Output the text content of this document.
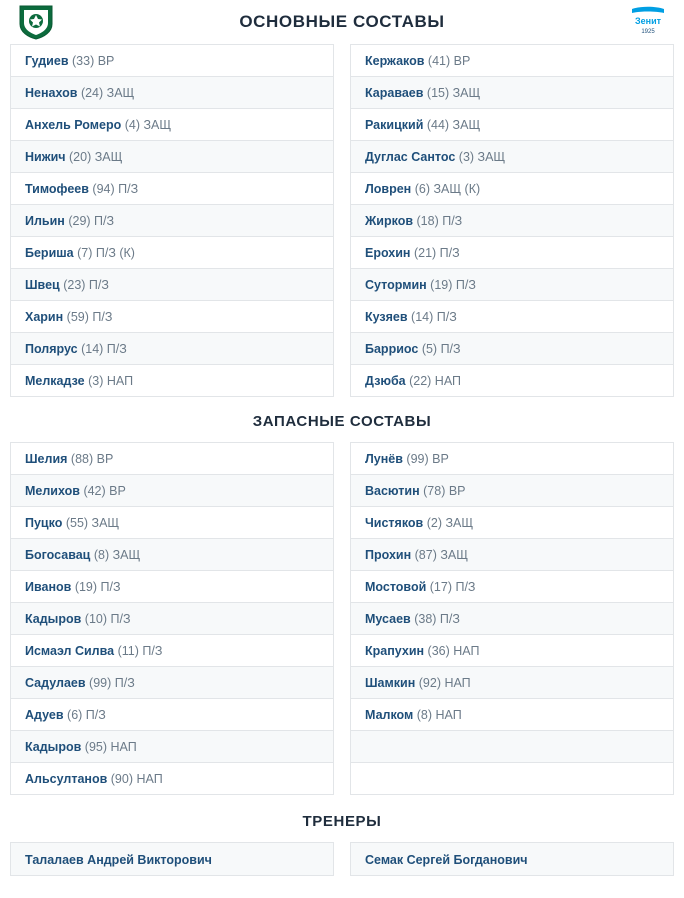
ОСНОВНЫЕ СОСТАВЫ	Зенит
1925
Гудиев (33) ВР
Ненахов (24) ЗАЩ
Анхель Ромеро (4) ЗАЩ
Нижич (20) ЗАЩ
Тимофеев (94) П/З
Ильин (29) П/З
Бериша (7) П/З (К)
Швец (23) П/З
Харин (59) П/З
Полярус (14) П/З
Мелкадзе (3) НАП
Кержаков (41) ВР
Караваев (15) ЗАЩ
Ракицкий (44) ЗАЩ
Дуглас Сантос (3) ЗАЩ
Ловрен (6) ЗАЩ (К)
Жирков (18) П/З
Ерохин (21) П/З
Сутормин (19) П/З
Кузяев (14) П/З
Барриос (5) П/З
Дзюба (22) НАП
ЗАПАСНЫЕ СОСТАВЫ
Шелия (88) ВР
Мелихов (42) ВР
Пуцко (55) ЗАЩ
Богосавац (8) ЗАЩ
Иванов (19) П/З
Кадыров (10) П/З
Исмаэл Силва (11) П/З
Садулаев (99) П/З
Адуев (6) П/З
Кадыров (95) НАП
Альсултанов (90) НАП
Лунёв (99) ВР
Васютин (78) ВР
Чистяков (2) ЗАЩ
Прохин (87) ЗАЩ
Мостовой (17) П/З
Мусаев (38) П/З
Крапухин (36) НАП
Шамкин (92) НАП
Малком (8) НАП

ТРЕНЕРЫ
Талалаев Андрей Викторович	Семак Сергей Богданович
